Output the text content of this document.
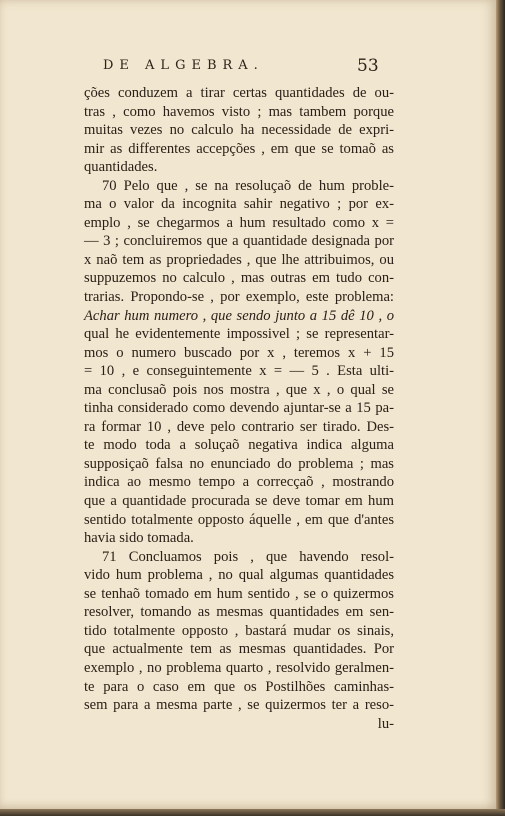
DE ALGEBRA.	53
ções conduzem a tirar certas quantidades de ou-
tras , como havemos visto ; mas tambem porque
muitas vezes no calculo ha necessidade de expri-
mir as differentes accepções , em que se tomaõ as
quantidades.
70 Pelo que , se na resoluçaõ de hum proble-
ma o valor da incognita sahir negativo ; por ex-
emplo , se chegarmos a hum resultado como x =
— 3 ; concluiremos que a quantidade designada por
x naõ tem as propriedades , que lhe attribuimos, ou
suppuzemos no calculo , mas outras em tudo con-
trarias. Propondo-se , por exemplo, este problema:
Achar hum numero , que sendo junto a 15 dê 10 , o
qual he evidentemente impossivel ; se representar-
mos o numero buscado por x , teremos x + 15
= 10 , e conseguintemente x = — 5 . Esta ulti-
ma conclusaõ pois nos mostra , que x , o qual se
tinha considerado como devendo ajuntar-se a 15 pa-
ra formar 10 , deve pelo contrario ser tirado. Des-
te modo toda a soluçaõ negativa indica alguma
supposiçaõ falsa no enunciado do problema ; mas
indica ao mesmo tempo a correcçaõ , mostrando
que a quantidade procurada se deve tomar em hum
sentido totalmente opposto áquelle , em que d'antes
havia sido tomada.
71 Concluamos pois , que havendo resol-
vido hum problema , no qual algumas quantidades
se tenhaõ tomado em hum sentido , se o quizermos
resolver, tomando as mesmas quantidades em sen-
tido totalmente opposto , bastará mudar os sinais,
que actualmente tem as mesmas quantidades. Por
exemplo , no problema quarto , resolvido geralmen-
te para o caso em que os Postilhões caminhas-
sem para a mesma parte , se quizermos ter a reso-
lu-
